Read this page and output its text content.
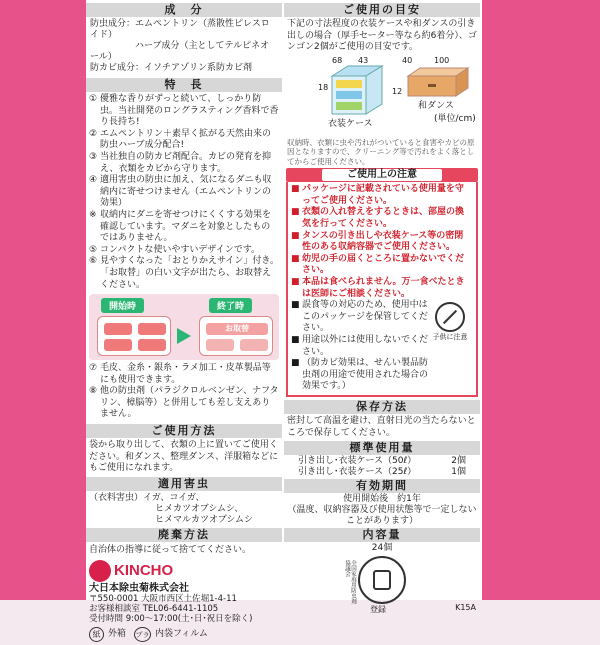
成　分
防虫成分：エムペントリン（蒸散性ピレスロイド）
　　　　　ハーブ成分（主としてテルピネオール）
防カビ成分：イソチアゾリン系防カビ剤
特　長
① 優雅な香りがずっと続いて、しっかり防虫。当社開発のロングラスティング香料で香り長持ち!
② エムペントリン＋素早く拡がる天然由来の防虫ハーブ成分配合!
③ 当社独自の防カビ剤配合。カビの発育を抑え、衣類をカビから守ります。
④ 適用害虫の防虫に加え、気になるダニも収納内に寄せつけません（エムペントリンの効果）
※ 収納内にダニを寄せつけにくくする効果を確認しています。マダニを対象としたものではありません。
⑤ コンパクトな使いやすいデザインです。
⑥ 見やすくなった「おとりかえサイン」付き。「お取替」の白い文字が出たら、お取替えください。
開始時	終了時
お取替
⑦ 毛皮、金糸・銀糸・ラメ加工・皮革製品等にも使用できます。
⑧ 他の防虫剤（パラジクロルベンゼン、ナフタリン、樟脳等）と併用しても差し支えありません。
ご使用方法
袋から取り出して、衣類の上に置いてご使用ください。和ダンス、整理ダンス、洋服箱などにもご使用になれます。
適用害虫
（衣料害虫）イガ、コイガ、
ヒメカツオブシムシ、
ヒメマルカツオブシムシ
廃棄方法
自治体の指導に従って捨ててください。
KINCHO
大日本除虫菊株式会社
〒550-0001 大阪市西区土佐堀1-4-11
お客様相談室 TEL06-6441-1105
受付時間 9:00～17:00(土･日･祝日を除く)
紙 外箱 プラ 内袋フィルム
ご使用の目安
下記の寸法程度の衣装ケースや和ダンスの引き出しの場合（厚手セーター等なら約6着分）、ゴンゴン2個がご使用の目安です。
68 43
18
衣装ケース
40	100
12
和ダンス
(単位/cm)
収納時、衣類に虫や汚れがついていると食害やカビの原因となりますので、クリーニング等で汚れをよく落としてからご使用ください。
ご使用上の注意
■ パッケージに記載されている使用量を守ってご使用ください。
■ 衣類の入れ替えをするときは、部屋の換気を行ってください。
■ タンスの引き出しや衣装ケース等の密閉性のある収納容器でご使用ください。
■ 幼児の手の届くところに置かないでください。
■ 本品は食べられません。万一食べたときは医師にご相談ください。
■ 誤食等の対応のため、使用中はこのパッケージを保管してください。
■ 用途以外には使用しないでください。
■ （防カビ効果は、せんい製品防虫剤の用途で使用された場合の効果です。）
子供に注意
保存方法
密封して高温を避け、直射日光の当たらないところで保存してください。
標準使用量
引き出し･衣装ケース（50ℓ）	2個
引き出し･衣装ケース（25ℓ）	1個
有効期間
使用開始後　約1年
（温度、収納容器及び使用状態等で一定しないことがあります）
内容量
24個
全国家庭用防虫剤協議会
登録	K15A
